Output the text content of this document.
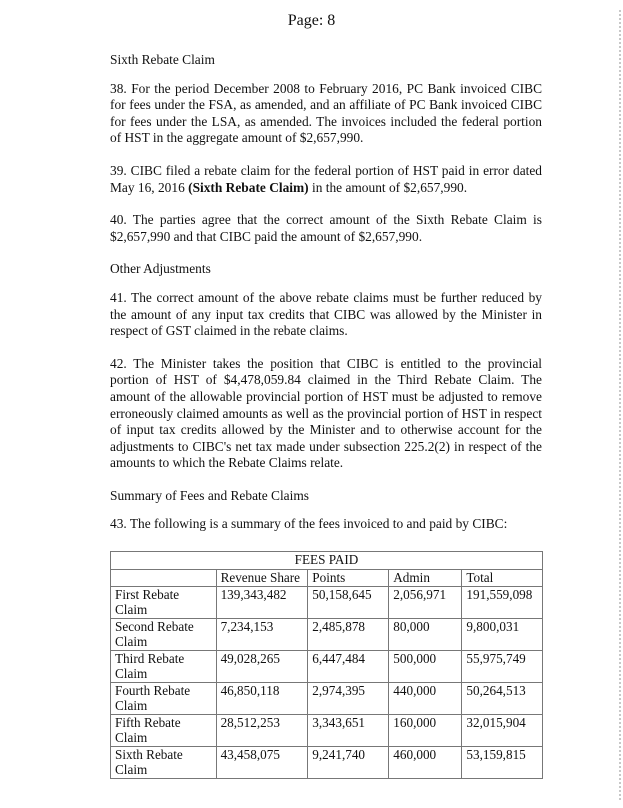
Page: 8
Sixth Rebate Claim

38. For the period December 2008 to February 2016, PC Bank invoiced CIBC for fees under the FSA, as amended, and an affiliate of PC Bank invoiced CIBC for fees under the LSA, as amended. The invoices included the federal portion of HST in the aggregate amount of $2,657,990.

39. CIBC filed a rebate claim for the federal portion of HST paid in error dated May 16, 2016 (Sixth Rebate Claim) in the amount of $2,657,990.

40. The parties agree that the correct amount of the Sixth Rebate Claim is $2,657,990 and that CIBC paid the amount of $2,657,990.

Other Adjustments

41. The correct amount of the above rebate claims must be further reduced by the amount of any input tax credits that CIBC was allowed by the Minister in respect of GST claimed in the rebate claims.

42. The Minister takes the position that CIBC is entitled to the provincial portion of HST of $4,478,059.84 claimed in the Third Rebate Claim. The amount of the allowable provincial portion of HST must be adjusted to remove erroneously claimed amounts as well as the provincial portion of HST in respect of input tax credits allowed by the Minister and to otherwise account for the adjustments to CIBC's net tax made under subsection 225.2(2) in respect of the amounts to which the Rebate Claims relate.

Summary of Fees and Rebate Claims

43. The following is a summary of the fees invoiced to and paid by CIBC:

FEES PAID				
	Revenue Share	Points	Admin	Total
First Rebate Claim	139,343,482	50,158,645	2,056,971	191,559,098
Second Rebate Claim	7,234,153	2,485,878	80,000	9,800,031
Third Rebate Claim	49,028,265	6,447,484	500,000	55,975,749
Fourth Rebate Claim	46,850,118	2,974,395	440,000	50,264,513
Fifth Rebate Claim	28,512,253	3,343,651	160,000	32,015,904
Sixth Rebate Claim	43,458,075	9,241,740	460,000	53,159,815
